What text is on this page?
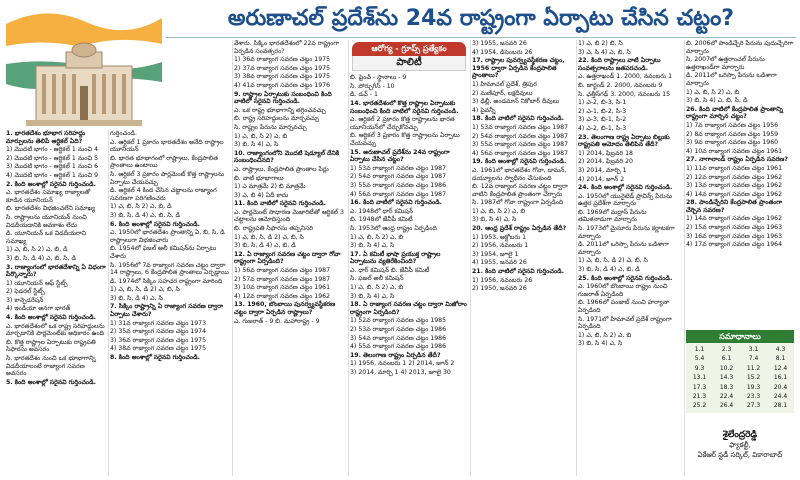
అరుణాచల్ ప్రదేశ్‌ను 24వ రాష్ట్రంగా ఏర్పాటు చేసిన చట్టం?
ఆరోగ్య - గ్రూప్స్ ప్రత్యేకం
పాలిటీ

1. భారతదేశం భూభాగ సరిహద్దు మార్పులను తెలిపే ఆర్టికల్ ఏది?

1) మొదటి భాగం - ఆర్టికల్ 1 నుంచి 4

2) మొదటి భాగం - ఆర్టికల్ 1 నుంచి 5

3) మొదటి భాగం - ఆర్టికల్ 1 నుంచి 6

4) మొదటి భాగం - ఆర్టికల్ 1 నుంచి 9

2. కింది అంశాల్లో సరైనవి గుర్తించండి.

ఎ. భారతదేశం సమాఖ్య రాజ్యాలతో కూడిన యూనియన్

బి. భారతదేశం విభజించలేని సమాఖ్య

సి. రాష్ట్రాలను యూనియన్ నుంచి విడదీయడానికి అవకాశం లేదు

డి. యూనియన్ ఒక విడదీయరాని సమాఖ్య

1) ఎ, బి, సి 2) ఎ, బి, డి

3) బి, సి, డి 4) ఎ, బి, సి, డి

3. రాజ్యాంగంలో భారతదేశాన్ని ఏ విధంగా పేర్కొన్నారు?

1) యూనియన్ ఆఫ్ స్టేట్స్

2) ఫెడరల్ స్టేట్స్

3) కాన్ఫెడరేషన్

4) ఇండియా అనగా భారత్

4. కింది అంశాల్లో సరైనవి గుర్తించండి.

ఎ. భారతదేశంలో ఒక రాష్ట్ర సరిహద్దులను మార్చడానికి పార్లమెంట్‌కు అధికారం ఉంది

బి. కొత్త రాష్ట్రాల ఏర్పాటుకు రాష్ట్రపతి సిఫారసు అవసరం

సి. భారతదేశం నుంచి ఒక భూభాగాన్ని విడదీయాలంటే రాజ్యాంగ సవరణ అవసరం

5. కింది అంశాల్లో సరైనవి గుర్తించండి.

గుర్తించండి.

ఎ. ఆర్టికల్ 1 ప్రకారం భారతదేశం అనేది రాష్ట్రాల యూనియన్

బి. భారత భూభాగంలో రాష్ట్రాలు, కేంద్రపాలిత ప్రాంతాలు ఉంటాయి

సి. ఆర్టికల్ 3 ప్రకారం పార్లమెంట్ కొత్త రాష్ట్రాలను ఏర్పాటు చేయవచ్చు

డి. ఆర్టికల్ 4 కింద చేసిన చట్టాలను రాజ్యాంగ సవరణగా పరిగణించరు

1) ఎ, బి, సి 2) ఎ, బి, డి

3) బి, సి, డి 4) ఎ, బి, సి, డి

6. కింది అంశాల్లో సరైనవి గుర్తించండి.

ఎ. 1950లో భారతదేశం ప్రాంతాన్ని ఏ, బి, సి, డి రాష్ట్రాలుగా విభజించారు

బి. 1954లో ఫజల్ అలీ కమిషన్‌ను ఏర్పాటు చేశారు

సి. 1956లో 7వ రాజ్యాంగ సవరణ చట్టం ద్వారా 14 రాష్ట్రాలు, 6 కేంద్రపాలిత ప్రాంతాలు ఏర్పడ్డాయి

డి. 1974లో సిక్కిం సహచర రాష్ట్రంగా మారింది

1) ఎ, బి, సి, డి 2) ఎ, బి, సి

3) బి, సి, డి 4) ఎ, సి

7. సిక్కిం రాష్ట్రాన్ని ఏ రాజ్యాంగ సవరణ ద్వారా ఏర్పాటు చేశారు?

1) 31వ రాజ్యాంగ సవరణ చట్టం 1973

2) 35వ రాజ్యాంగ సవరణ చట్టం 1974

3) 36వ రాజ్యాంగ సవరణ చట్టం 1975

4) 38వ రాజ్యాంగ సవరణ చట్టం 1975

8. కింది అంశాల్లో సరైనవి గుర్తించండి.

వేశారు. సిక్కిం భారతదేశంలో 22వ రాష్ట్రంగా ఏర్పడిన సంవత్సరం?

1) 36వ రాజ్యాంగ సవరణ చట్టం 1975

2) 37వ రాజ్యాంగ సవరణ చట్టం 1975

3) 38వ రాజ్యాంగ సవరణ చట్టం 1975

4) 41వ రాజ్యాంగ సవరణ చట్టం 1976

9. రాష్ట్రాల ఏర్పాటుకు సంబంధించి కింది వాటిలో సరైనవి గుర్తించండి.

ఎ. ఒక రాష్ట్ర భూభాగాన్ని తగ్గించవచ్చు

బి. రాష్ట్ర సరిహద్దులను మార్చవచ్చు

సి. రాష్ట్రం పేరును మార్చవచ్చు

1) ఎ, బి, సి 2) ఎ, బి

3) బి, సి 4) ఎ, సి

10. రాజ్యాంగంలోని మొదటి షెడ్యూల్ దేనికి సంబంధించినది?

ఎ. రాష్ట్రాలు, కేంద్రపాలిత ప్రాంతాల పేర్లు

బి. వాటి భూభాగాలు

1) ఎ మాత్రమే 2) బి మాత్రమే

3) ఎ, బి 4) ఏదీ కాదు

11. కింది వాటిలో సరైనవి గుర్తించండి.

ఎ. పార్లమెంట్ సాధారణ మెజారిటీతో ఆర్టికల్ 3 చట్టాలను ఆమోదిస్తుంది

బి. రాష్ట్రపతి సిఫారసు తప్పనిసరి

1) ఎ, బి, సి, డి 2) ఎ, బి, సి

3) బి, సి, డి 4) ఎ, బి, డి

12. ఏ రాజ్యాంగ సవరణ చట్టం ద్వారా గోవా రాష్ట్రంగా ఏర్పడింది?

1) 56వ రాజ్యాంగ సవరణ చట్టం 1987

2) 57వ రాజ్యాంగ సవరణ చట్టం 1987

3) 10వ రాజ్యాంగ సవరణ చట్టం 1961

4) 12వ రాజ్యాంగ సవరణ చట్టం 1962

13. 1960, బొంబాయి పునర్వ్యవస్థీకరణ చట్టం ద్వారా ఏర్పడిన రాష్ట్రాలు?

ఎ. గుజరాత్ - 9 బి. మహారాష్ట్ర - 9

బి. ఫ్రెంచ్ - స్థానాలు - 9

సి. పోర్చుగీస్ - 10

డి. డచ్ - 1

14. భారతదేశంలో కొత్త రాష్ట్రాల ఏర్పాటుకు సంబంధించి కింది వాటిలో సరైనవి గుర్తించండి.

ఎ. ఆర్టికల్ 2 ప్రకారం కొత్త రాష్ట్రాలను భారత యూనియన్‌లో చేర్చుకోవచ్చు

బి. ఆర్టికల్ 3 ప్రకారం కొత్త రాష్ట్రాలను ఏర్పాటు చేయవచ్చు

15. అరుణాచల్ ప్రదేశ్‌ను 24వ రాష్ట్రంగా ఏర్పాటు చేసిన చట్టం?

1) 53వ రాజ్యాంగ సవరణ చట్టం 1987

2) 54వ రాజ్యాంగ సవరణ చట్టం 1987

3) 55వ రాజ్యాంగ సవరణ చట్టం 1986

4) 56వ రాజ్యాంగ సవరణ చట్టం 1987

16. కింది వాటిలో సరైనవి గుర్తించండి.

ఎ. 1948లో ధార్ కమిషన్

బి. 1948లో జేవీపీ కమిటీ

సి. 1953లో ఆంధ్ర రాష్ట్రం ఏర్పడింది

1) ఎ, బి, సి 2) ఎ, బి

3) బి, సి 4) ఎ, సి

17. ఏ కమిటీ భాషా ప్రయుక్త రాష్ట్రాల ఏర్పాటును వ్యతిరేకించింది?

ఎ. ధార్ కమిషన్ బి. జేవీపీ కమిటీ

సి. ఫజల్ అలీ కమిషన్

1) ఎ, బి, సి 2) ఎ, బి

3) బి, సి 4) ఎ, సి

18. ఏ రాజ్యాంగ సవరణ చట్టం ద్వారా మిజోరాం రాష్ట్రంగా ఏర్పడింది?

1) 52వ రాజ్యాంగ సవరణ చట్టం 1985

2) 53వ రాజ్యాంగ సవరణ చట్టం 1986

3) 54వ రాజ్యాంగ సవరణ చట్టం 1986

4) 55వ రాజ్యాంగ సవరణ చట్టం 1986

19. తెలంగాణ రాష్ట్రం ఏర్పడిన తేదీ?

1) 1956, నవంబరు 1 2) 2014, జూన్ 2

3) 2014, మార్చి 1 4) 2013, జూలై 30

3) 1955, జనవరి 26

4) 1954, డిసెంబరు 26

17. రాష్ట్రాల పునర్వ్యవస్థీకరణ చట్టం, 1956 ద్వారా ఏర్పడిన కేంద్రపాలిత ప్రాంతాలు?

1) హిమాచల్ ప్రదేశ్, త్రిపుర

2) మణిపూర్, లక్షదీవులు

3) ఢిల్లీ, అండమాన్ నికోబార్ దీవులు

4) పైవన్నీ

18. కింది వాటిలో సరైనవి గుర్తించండి.

1) 53వ రాజ్యాంగ సవరణ చట్టం 1987

2) 54వ రాజ్యాంగ సవరణ చట్టం 1987

3) 55వ రాజ్యాంగ సవరణ చట్టం 1987

4) 56వ రాజ్యాంగ సవరణ చట్టం 1987

19. కింది అంశాల్లో సరైనవి గుర్తించండి.

ఎ. 1961లో భారతదేశం గోవా, డామన్, డయ్యూలను స్వాధీనం చేసుకుంది

బి. 12వ రాజ్యాంగ సవరణ చట్టం ద్వారా వాటిని కేంద్రపాలిత ప్రాంతంగా చేర్చారు

సి. 1987లో గోవా రాష్ట్రంగా ఏర్పడింది

1) ఎ, బి, సి 2) ఎ, బి

3) బి, సి 4) ఎ, సి

20. ఆంధ్ర ప్రదేశ్ రాష్ట్రం ఏర్పడిన తేదీ?

1) 1953, అక్టోబరు 1

2) 1956, నవంబరు 1

3) 1954, జూలై 1

4) 1955, జనవరి 26

21. కింది వాటిలో సరైనవి గుర్తించండి.

1) 1956, నవంబరు 26

2) 1950, జనవరి 26

1) ఎ, బి 2) బి, సి

3) ఎ, సి 4) ఎ, బి, సి

22. కింది రాష్ట్రాలు వాటి ఏర్పాటు సంవత్సరాలను జతపరచండి.

ఎ. ఉత్తరాఖండ్ 1. 2000, నవంబరు 1

బి. జార్ఖండ్ 2. 2000, నవంబరు 9

సి. ఛత్తీస్‌గఢ్ 3. 2000, నవంబరు 15

1) ఎ-2, బి-3, సి-1

2) ఎ-1, బి-2, సి-3

3) ఎ-3, బి-1, సి-2

4) ఎ-2, బి-1, సి-3

23. తెలంగాణ రాష్ట్ర ఏర్పాటు బిల్లుకు రాష్ట్రపతి ఆమోదం తెలిపిన తేదీ?

1) 2014, ఫిబ్రవరి 18

2) 2014, ఫిబ్రవరి 20

3) 2014, మార్చి 1

4) 2014, జూన్ 2

24. కింది అంశాల్లో సరైనవి గుర్తించండి.

ఎ. 1950లో యునైటెడ్ ప్రావిన్స్‌ పేరును ఉత్తర ప్రదేశ్‌గా మార్చారు

బి. 1969లో మద్రాస్ పేరును తమిళనాడుగా మార్చారు

సి. 1973లో మైసూరు పేరును కర్ణాటకగా మార్చారు

డి. 2011లో ఒరిస్సా పేరును ఒడిశాగా మార్చారు

1) ఎ, బి, సి, డి 2) ఎ, బి, సి

3) బి, సి, డి 4) ఎ, బి, డి

25. కింది అంశాల్లో సరైనవి గుర్తించండి.

ఎ. 1960లో బొంబాయి రాష్ట్రం నుంచి గుజరాత్ ఏర్పడింది

బి. 1966లో పంజాబ్ నుంచి హర్యానా ఏర్పడింది

సి. 1971లో హిమాచల్ ప్రదేశ్ రాష్ట్రంగా ఏర్పడింది

1) ఎ, బి, సి 2) ఎ, బి

3) బి, సి 4) ఎ, సి

బి. 2006లో పాండిచ్చేరి పేరును పుదుచ్చేరిగా మార్చారు

సి. 2007లో ఉత్తరాంచల్ పేరును ఉత్తరాఖండ్‌గా మార్చారు

డి. 2011లో ఒరిస్సా పేరును ఒడిశాగా మార్చారు

1) ఎ, బి, సి 2) ఎ, బి

3) బి, సి 4) ఎ, బి, సి, డి

26. కింది వాటిలో కేంద్రపాలిత ప్రాంతాన్ని రాష్ట్రంగా మార్చిన చట్టం?

1) 7వ రాజ్యాంగ సవరణ చట్టం 1956

2) 8వ రాజ్యాంగ సవరణ చట్టం 1959

3) 9వ రాజ్యాంగ సవరణ చట్టం 1960

4) 10వ రాజ్యాంగ సవరణ చట్టం 1961

27. నాగాలాండ్ రాష్ట్రం ఏర్పడిన సవరణ?

1) 11వ రాజ్యాంగ సవరణ చట్టం 1961

2) 12వ రాజ్యాంగ సవరణ చట్టం 1962

3) 13వ రాజ్యాంగ సవరణ చట్టం 1962

4) 14వ రాజ్యాంగ సవరణ చట్టం 1962

28. పాండిచ్చేరిని కేంద్రపాలిత ప్రాంతంగా చేర్చిన సవరణ?

1) 14వ రాజ్యాంగ సవరణ చట్టం 1962

2) 15వ రాజ్యాంగ సవరణ చట్టం 1963

3) 16వ రాజ్యాంగ సవరణ చట్టం 1963

4) 17వ రాజ్యాంగ సవరణ చట్టం 1964

సమాధానాలు
1.1	2.3	3.1	4.3
5.4	6.1	7.4	8.1
9.3	10.2	11.2	12.4
13.1	14.3	15.2	16.1
17.3	18.3	19.3	20.4
21.3	22.4	23.3	24.4
25.2	26.4	27.3	28.1
శైలేంద్రరెడ్డి
ఫ్యాకల్టీ,
ఏకేఆర్ స్టడీ సర్కిల్, వికారాబాద్
